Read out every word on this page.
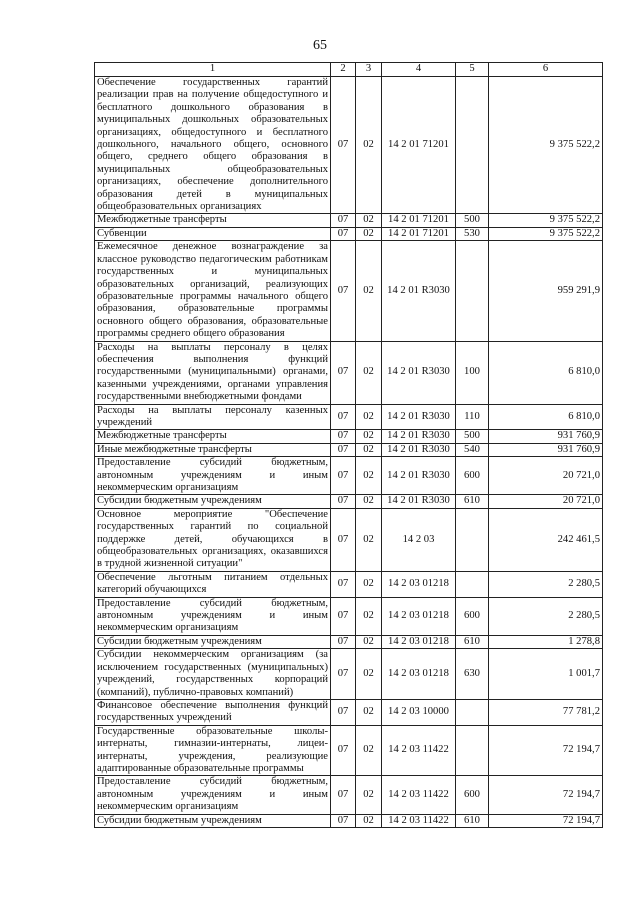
65
1	2	3	4	5	6
Обеспечение государственных гарантий реализации прав на получение общедоступного и бесплатного дошкольного образования в муниципальных дошкольных образовательных организациях, общедоступного и бесплатного дошкольного, начального общего, основного общего, среднего общего образования в муниципальных общеобразовательных организациях, обеспечение дополнительного образования детей в муниципальных общеобразовательных организациях	07	02	14 2 01 71201		9 375 522,2
Межбюджетные трансферты	07	02	14 2 01 71201	500	9 375 522,2
Субвенции	07	02	14 2 01 71201	530	9 375 522,2
Ежемесячное денежное вознаграждение за классное руководство педагогическим работникам государственных и муниципальных образовательных организаций, реализующих образовательные программы начального общего образования, образовательные программы основного общего образования, образовательные программы среднего общего образования	07	02	14 2 01 R3030		959 291,9
Расходы на выплаты персоналу в целях обеспечения выполнения функций государственными (муниципальными) органами, казенными учреждениями, органами управления государственными внебюджетными фондами	07	02	14 2 01 R3030	100	6 810,0
Расходы на выплаты персоналу казенных учреждений	07	02	14 2 01 R3030	110	6 810,0
Межбюджетные трансферты	07	02	14 2 01 R3030	500	931 760,9
Иные межбюджетные трансферты	07	02	14 2 01 R3030	540	931 760,9
Предоставление субсидий бюджетным, автономным учреждениям и иным некоммерческим организациям	07	02	14 2 01 R3030	600	20 721,0
Субсидии бюджетным учреждениям	07	02	14 2 01 R3030	610	20 721,0
Основное мероприятие "Обеспечение государственных гарантий по социальной поддержке детей, обучающихся в общеобразовательных организациях, оказавшихся в трудной жизненной ситуации"	07	02	14 2 03		242 461,5
Обеспечение льготным питанием отдельных категорий обучающихся	07	02	14 2 03 01218		2 280,5
Предоставление субсидий бюджетным, автономным учреждениям и иным некоммерческим организациям	07	02	14 2 03 01218	600	2 280,5
Субсидии бюджетным учреждениям	07	02	14 2 03 01218	610	1 278,8
Субсидии некоммерческим организациям (за исключением государственных (муниципальных) учреждений, государственных корпораций (компаний), публично-правовых компаний)	07	02	14 2 03 01218	630	1 001,7
Финансовое обеспечение выполнения функций государственных учреждений	07	02	14 2 03 10000		77 781,2
Государственные образовательные школы-интернаты, гимназии-интернаты, лицеи-интернаты, учреждения, реализующие адаптированные образовательные программы	07	02	14 2 03 11422		72 194,7
Предоставление субсидий бюджетным, автономным учреждениям и иным некоммерческим организациям	07	02	14 2 03 11422	600	72 194,7
Субсидии бюджетным учреждениям	07	02	14 2 03 11422	610	72 194,7
